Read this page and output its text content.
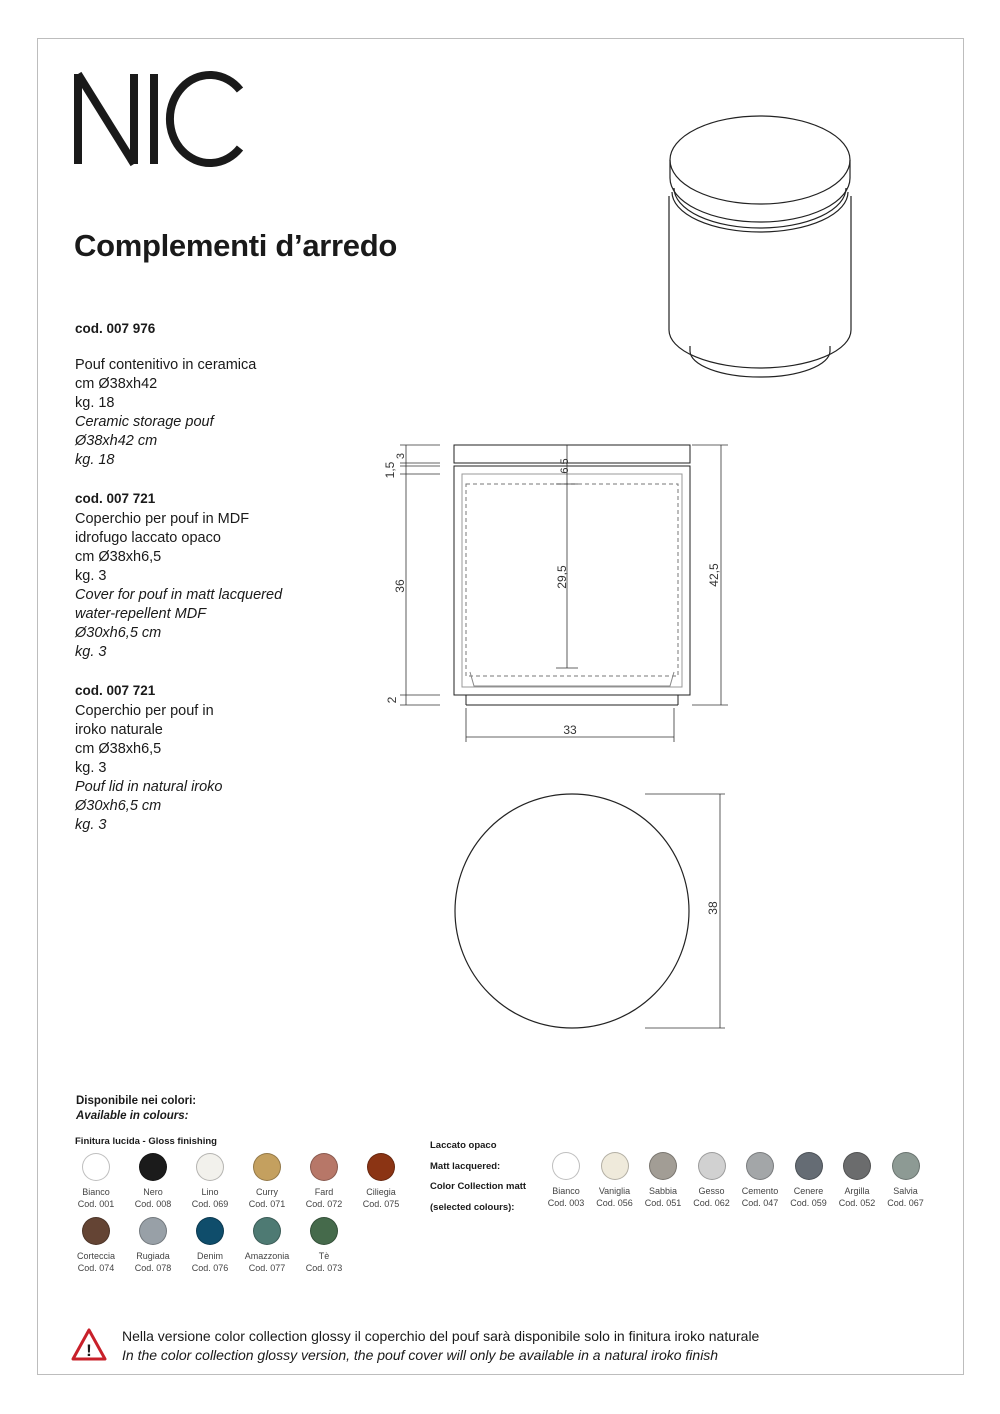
Complementi d’arredo
1,5
3
6,5
36	29,5	42,5
2
33
38
cod. 007 976
Pouf contenitivo in ceramica
cm Ø38xh42
kg. 18
Ceramic storage pouf
Ø38xh42 cm
kg. 18
cod. 007 721
Coperchio per pouf in MDF
idrofugo laccato opaco
cm Ø38xh6,5
kg. 3
Cover for pouf in matt lacquered
water-repellent MDF
Ø30xh6,5 cm
kg. 3
cod. 007 721
Coperchio per pouf in
iroko naturale
cm Ø38xh6,5
kg. 3
Pouf lid in natural iroko
Ø30xh6,5 cm
kg. 3
Disponibile nei colori:
Available in colours:
Finitura lucida - Gloss finishing	Laccato opaco
Matt lacquered:
Color Collection matt
(selected colours):
!
Nella versione color collection glossy il coperchio del pouf sarà disponibile solo in finitura iroko naturale
In the color collection glossy version, the pouf cover will only be available in a natural iroko finish
Bianco
Cod. 001
Nero
Cod. 008
Lino
Cod. 069
Curry
Cod. 071
Fard
Cod. 072
Ciliegia
Cod. 075
Corteccia
Cod. 074
Rugiada
Cod. 078
Denim
Cod. 076
Amazzonia
Cod. 077
Tè
Cod. 073
Bianco
Cod. 003
Vaniglia
Cod. 056
Sabbia
Cod. 051
Gesso
Cod. 062
Cemento
Cod. 047
Cenere
Cod. 059
Argilla
Cod. 052
Salvia
Cod. 067
